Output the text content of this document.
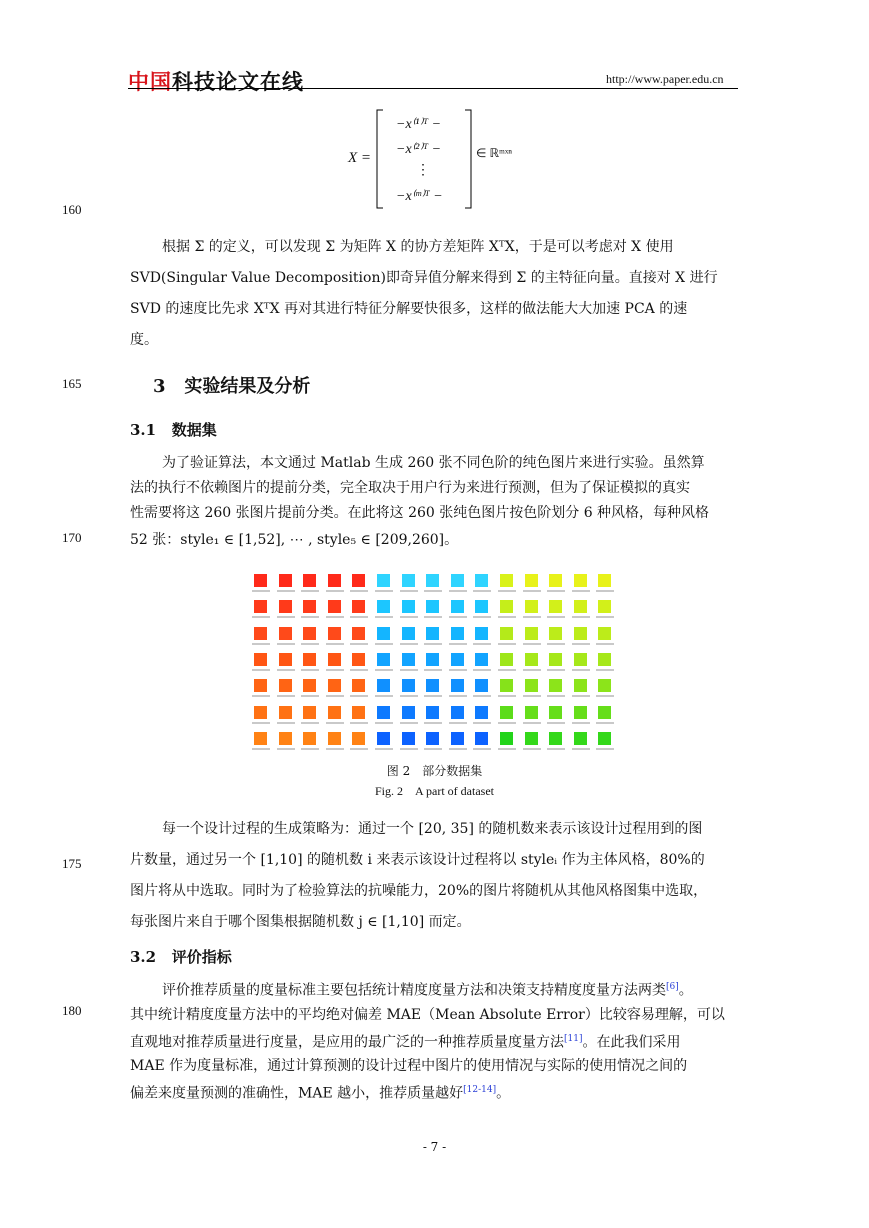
中国科技论文在线	http://www.paper.edu.cn
X =
−x⁽¹⁾ᵀ −
−x⁽²⁾ᵀ −
⋮
−x⁽ᵐ⁾ᵀ −
∈ ℝᵐˣⁿ
160
165
170
175
180

根据 Σ 的定义，可以发现 Σ 为矩阵 X 的协方差矩阵 XᵀX，于是可以考虑对 X 使用

SVD(Singular Value Decomposition)即奇异值分解来得到 Σ 的主特征向量。直接对 X 进行

SVD 的速度比先求 XᵀX 再对其进行特征分解要快很多，这样的做法能大大加速 PCA 的速

度。

3 实验结果及分析
3.1 数据集

为了验证算法，本文通过 Matlab 生成 260 张不同色阶的纯色图片来进行实验。虽然算

法的执行不依赖图片的提前分类，完全取决于用户行为来进行预测，但为了保证模拟的真实

性需要将这 260 张图片提前分类。在此将这 260 张纯色图片按色阶划分 6 种风格，每种风格

52 张：style₁ ∈ [1,52], ⋯ , style₅ ∈ [209,260]。

图 2　部分数据集
Fig. 2　A part of dataset

每一个设计过程的生成策略为：通过一个 [20, 35] 的随机数来表示该设计过程用到的图

片数量，通过另一个 [1,10] 的随机数 i 来表示该设计过程将以 styleᵢ 作为主体风格，80%的

图片将从中选取。同时为了检验算法的抗噪能力，20%的图片将随机从其他风格图集中选取，

每张图片来自于哪个图集根据随机数 j ∈ [1,10] 而定。

3.2 评价指标

评价推荐质量的度量标准主要包括统计精度度量方法和决策支持精度度量方法两类[6]。

其中统计精度度量方法中的平均绝对偏差 MAE（Mean Absolute Error）比较容易理解，可以

直观地对推荐质量进行度量，是应用的最广泛的一种推荐质量度量方法[11]。在此我们采用

MAE 作为度量标准，通过计算预测的设计过程中图片的使用情况与实际的使用情况之间的

偏差来度量预测的准确性，MAE 越小，推荐质量越好[12-14]。

- 7 -
